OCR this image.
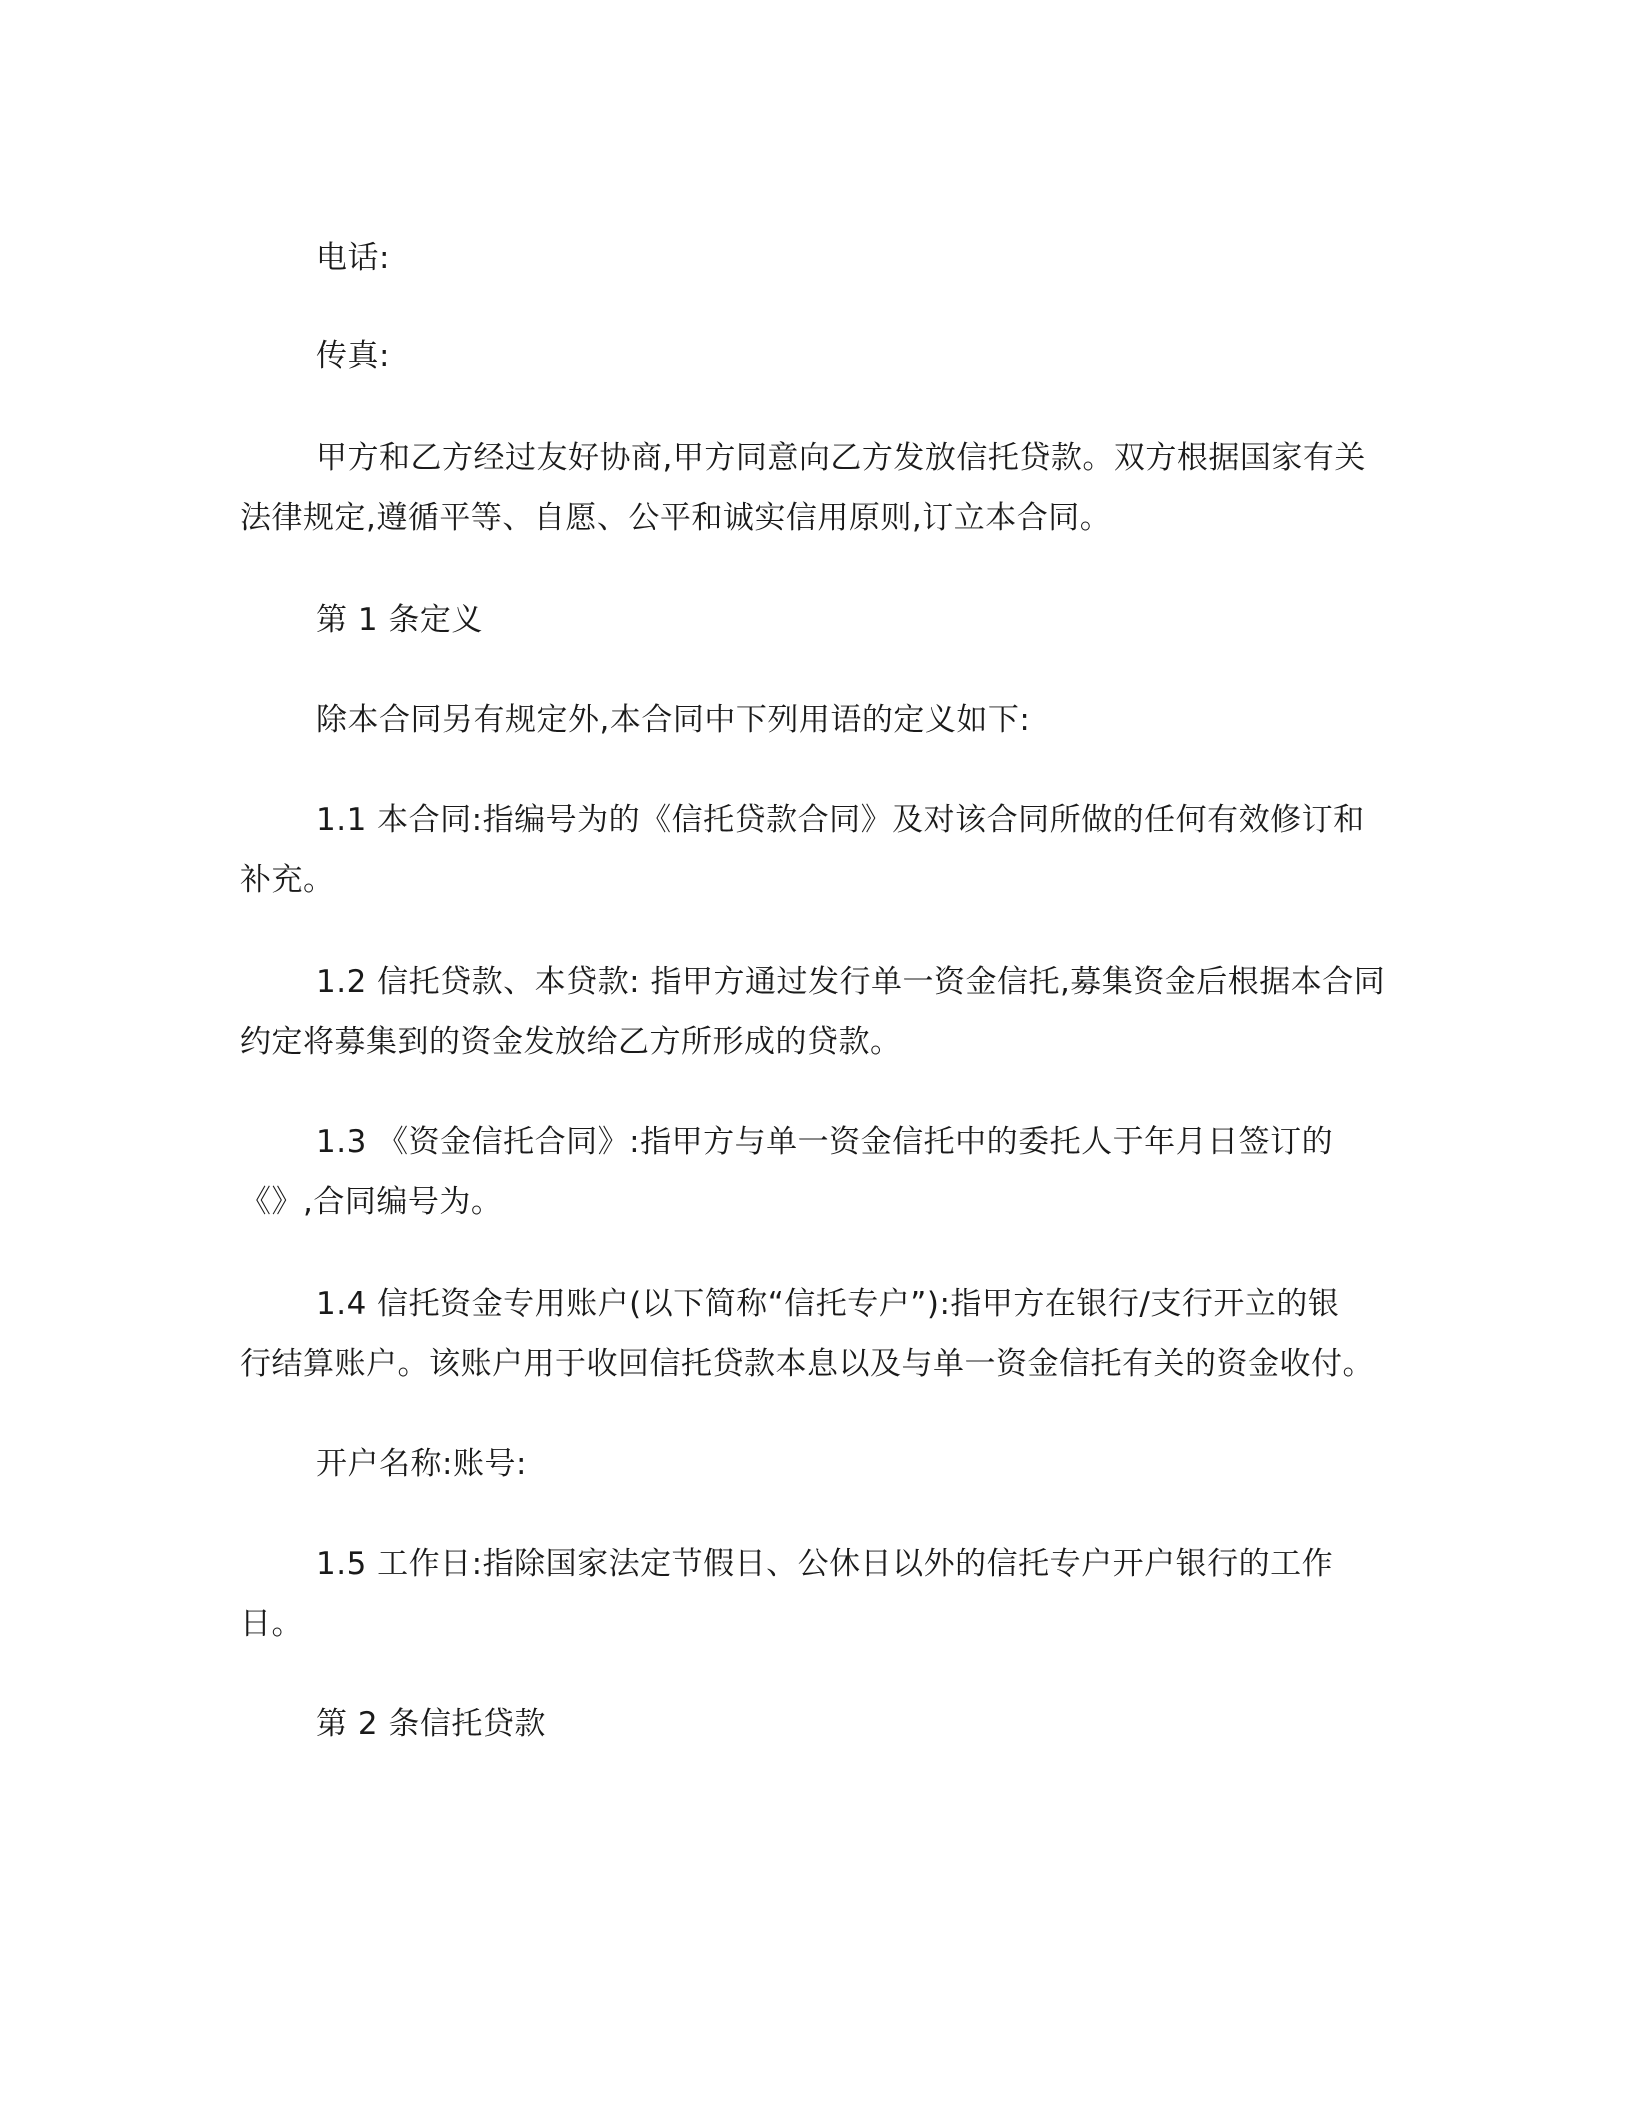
电话:
传真:
甲方和乙方经过友好协商,甲方同意向乙方发放信托贷款。双方根据国家有关
法律规定,遵循平等、自愿、公平和诚实信用原则,订立本合同。
第 1 条定义
除本合同另有规定外,本合同中下列用语的定义如下:
1.1 本合同:指编号为的《信托贷款合同》及对该合同所做的任何有效修订和
补充。
1.2 信托贷款、本贷款: 指甲方通过发行单一资金信托,募集资金后根据本合同
约定将募集到的资金发放给乙方所形成的贷款。
1.3 《资金信托合同》:指甲方与单一资金信托中的委托人于年月日签订的
《》,合同编号为。
1.4 信托资金专用账户(以下简称“信托专户”):指甲方在银行/支行开立的银
行结算账户。该账户用于收回信托贷款本息以及与单一资金信托有关的资金收付。
开户名称:账号:
1.5 工作日:指除国家法定节假日、公休日以外的信托专户开户银行的工作
日。
第 2 条信托贷款
